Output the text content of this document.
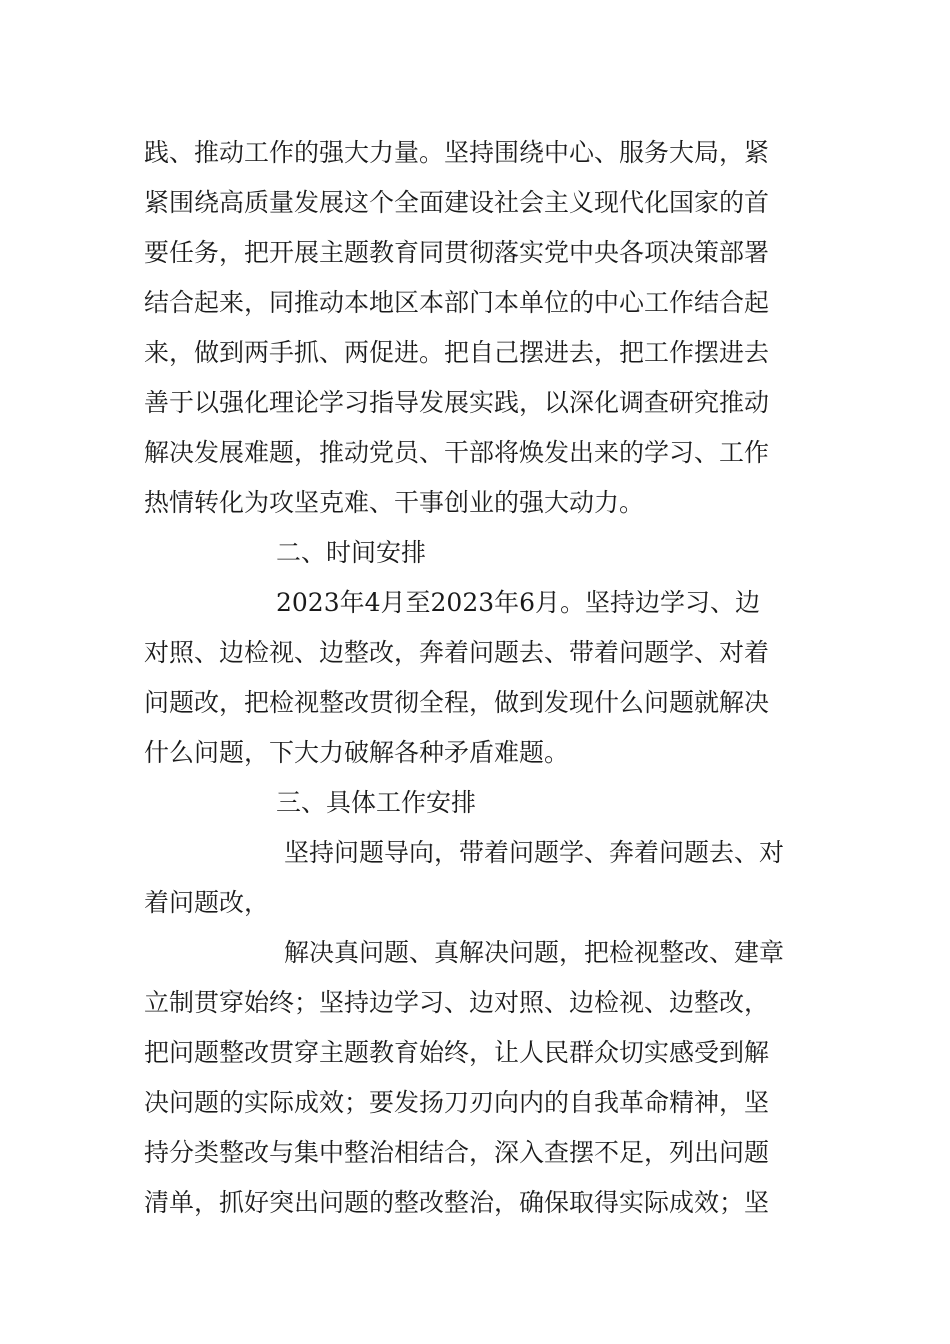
践、推动工作的强大力量。坚持围绕中心、服务大局，紧
紧围绕高质量发展这个全面建设社会主义现代化国家的首
要任务，把开展主题教育同贯彻落实党中央各项决策部署
结合起来，同推动本地区本部门本单位的中心工作结合起
来，做到两手抓、两促进。把自己摆进去，把工作摆进去
善于以强化理论学习指导发展实践，以深化调查研究推动
解决发展难题，推动党员、干部将焕发出来的学习、工作
热情转化为攻坚克难、干事创业的强大动力。
二、时间安排
2023年4月至2023年6月。坚持边学习、边
对照、边检视、边整改，奔着问题去、带着问题学、对着
问题改，把检视整改贯彻全程，做到发现什么问题就解决
什么问题，下大力破解各种矛盾难题。
三、具体工作安排
坚持问题导向，带着问题学、奔着问题去、对
着问题改，
解决真问题、真解决问题，把检视整改、建章
立制贯穿始终；坚持边学习、边对照、边检视、边整改，
把问题整改贯穿主题教育始终，让人民群众切实感受到解
决问题的实际成效；要发扬刀刃向内的自我革命精神，坚
持分类整改与集中整治相结合，深入查摆不足，列出问题
清单，抓好突出问题的整改整治，确保取得实际成效；坚
